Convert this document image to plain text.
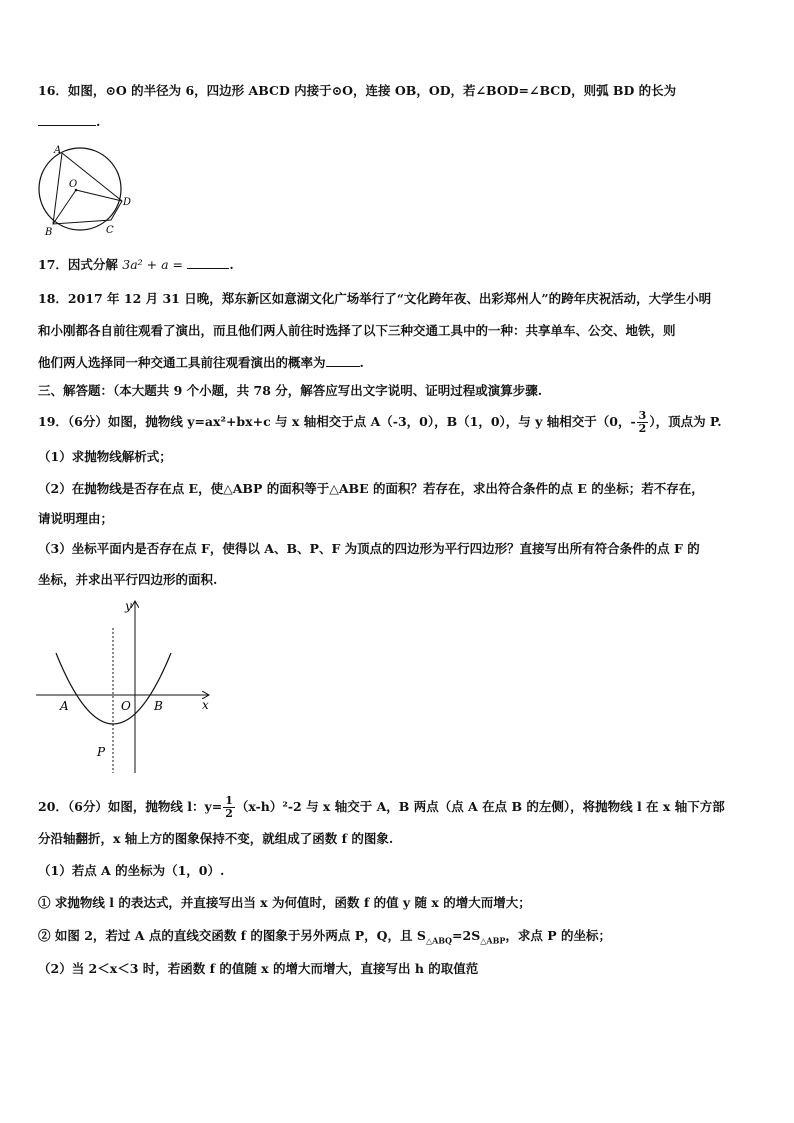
16．如图，⊙O 的半径为 6，四边形 ABCD 内接于⊙O，连接 OB，OD，若∠BOD=∠BCD，则弧 BD 的长为
.
A
O
D
B	C
17．因式分解 3a² + a =	.
18．2017 年 12 月 31 日晚，郑东新区如意湖文化广场举行了“文化跨年夜、出彩郑州人”的跨年庆祝活动，大学生小明
和小刚都各自前往观看了演出，而且他们两人前往时选择了以下三种交通工具中的一种：共享单车、公交、地铁，则
他们两人选择同一种交通工具前往观看演出的概率为	.
三、解答题：（本大题共 9 个小题，共 78 分，解答应写出文字说明、证明过程或演算步骤.
19．（6分）如图，抛物线 y=ax²+bx+c 与 x 轴相交于点 A（-3，0），B（1，0），与 y 轴相交于（0，- $\frac{3}{2}$ ），顶点为 P.
（1）求抛物线解析式；
（2）在抛物线是否存在点 E，使△ABP 的面积等于△ABE 的面积？若存在，求出符合条件的点 E 的坐标；若不存在，
请说明理由；
（3）坐标平面内是否存在点 F，使得以 A、B、P、F 为顶点的四边形为平行四边形？直接写出所有符合条件的点 F 的
坐标，并求出平行四边形的面积.
y
x
A	O B
P
20．（6分）如图，抛物线 l：$y= \frac{1}{2} (x-h)^2-2$ 与 x 轴交于 A，B 两点（点 A 在点 B 的左侧），将抛物线 l 在 x 轴下方部
分沿轴翻折，x 轴上方的图象保持不变，就组成了函数 f 的图象.
（1）若点 A 的坐标为（1，0）.
① 求抛物线 l 的表达式，并直接写出当 x 为何值时，函数 f 的值 y 随 x 的增大而增大；
② 如图 2，若过 A 点的直线交函数 f 的图象于另外两点 P，Q，且 $S_{\triangle ABQ}=2S_{\triangle ABP}$，求点 P 的坐标；
（2）当 2＜x＜3 时，若函数 f 的值随 x 的增大而增大，直接写出 h 的取值范
